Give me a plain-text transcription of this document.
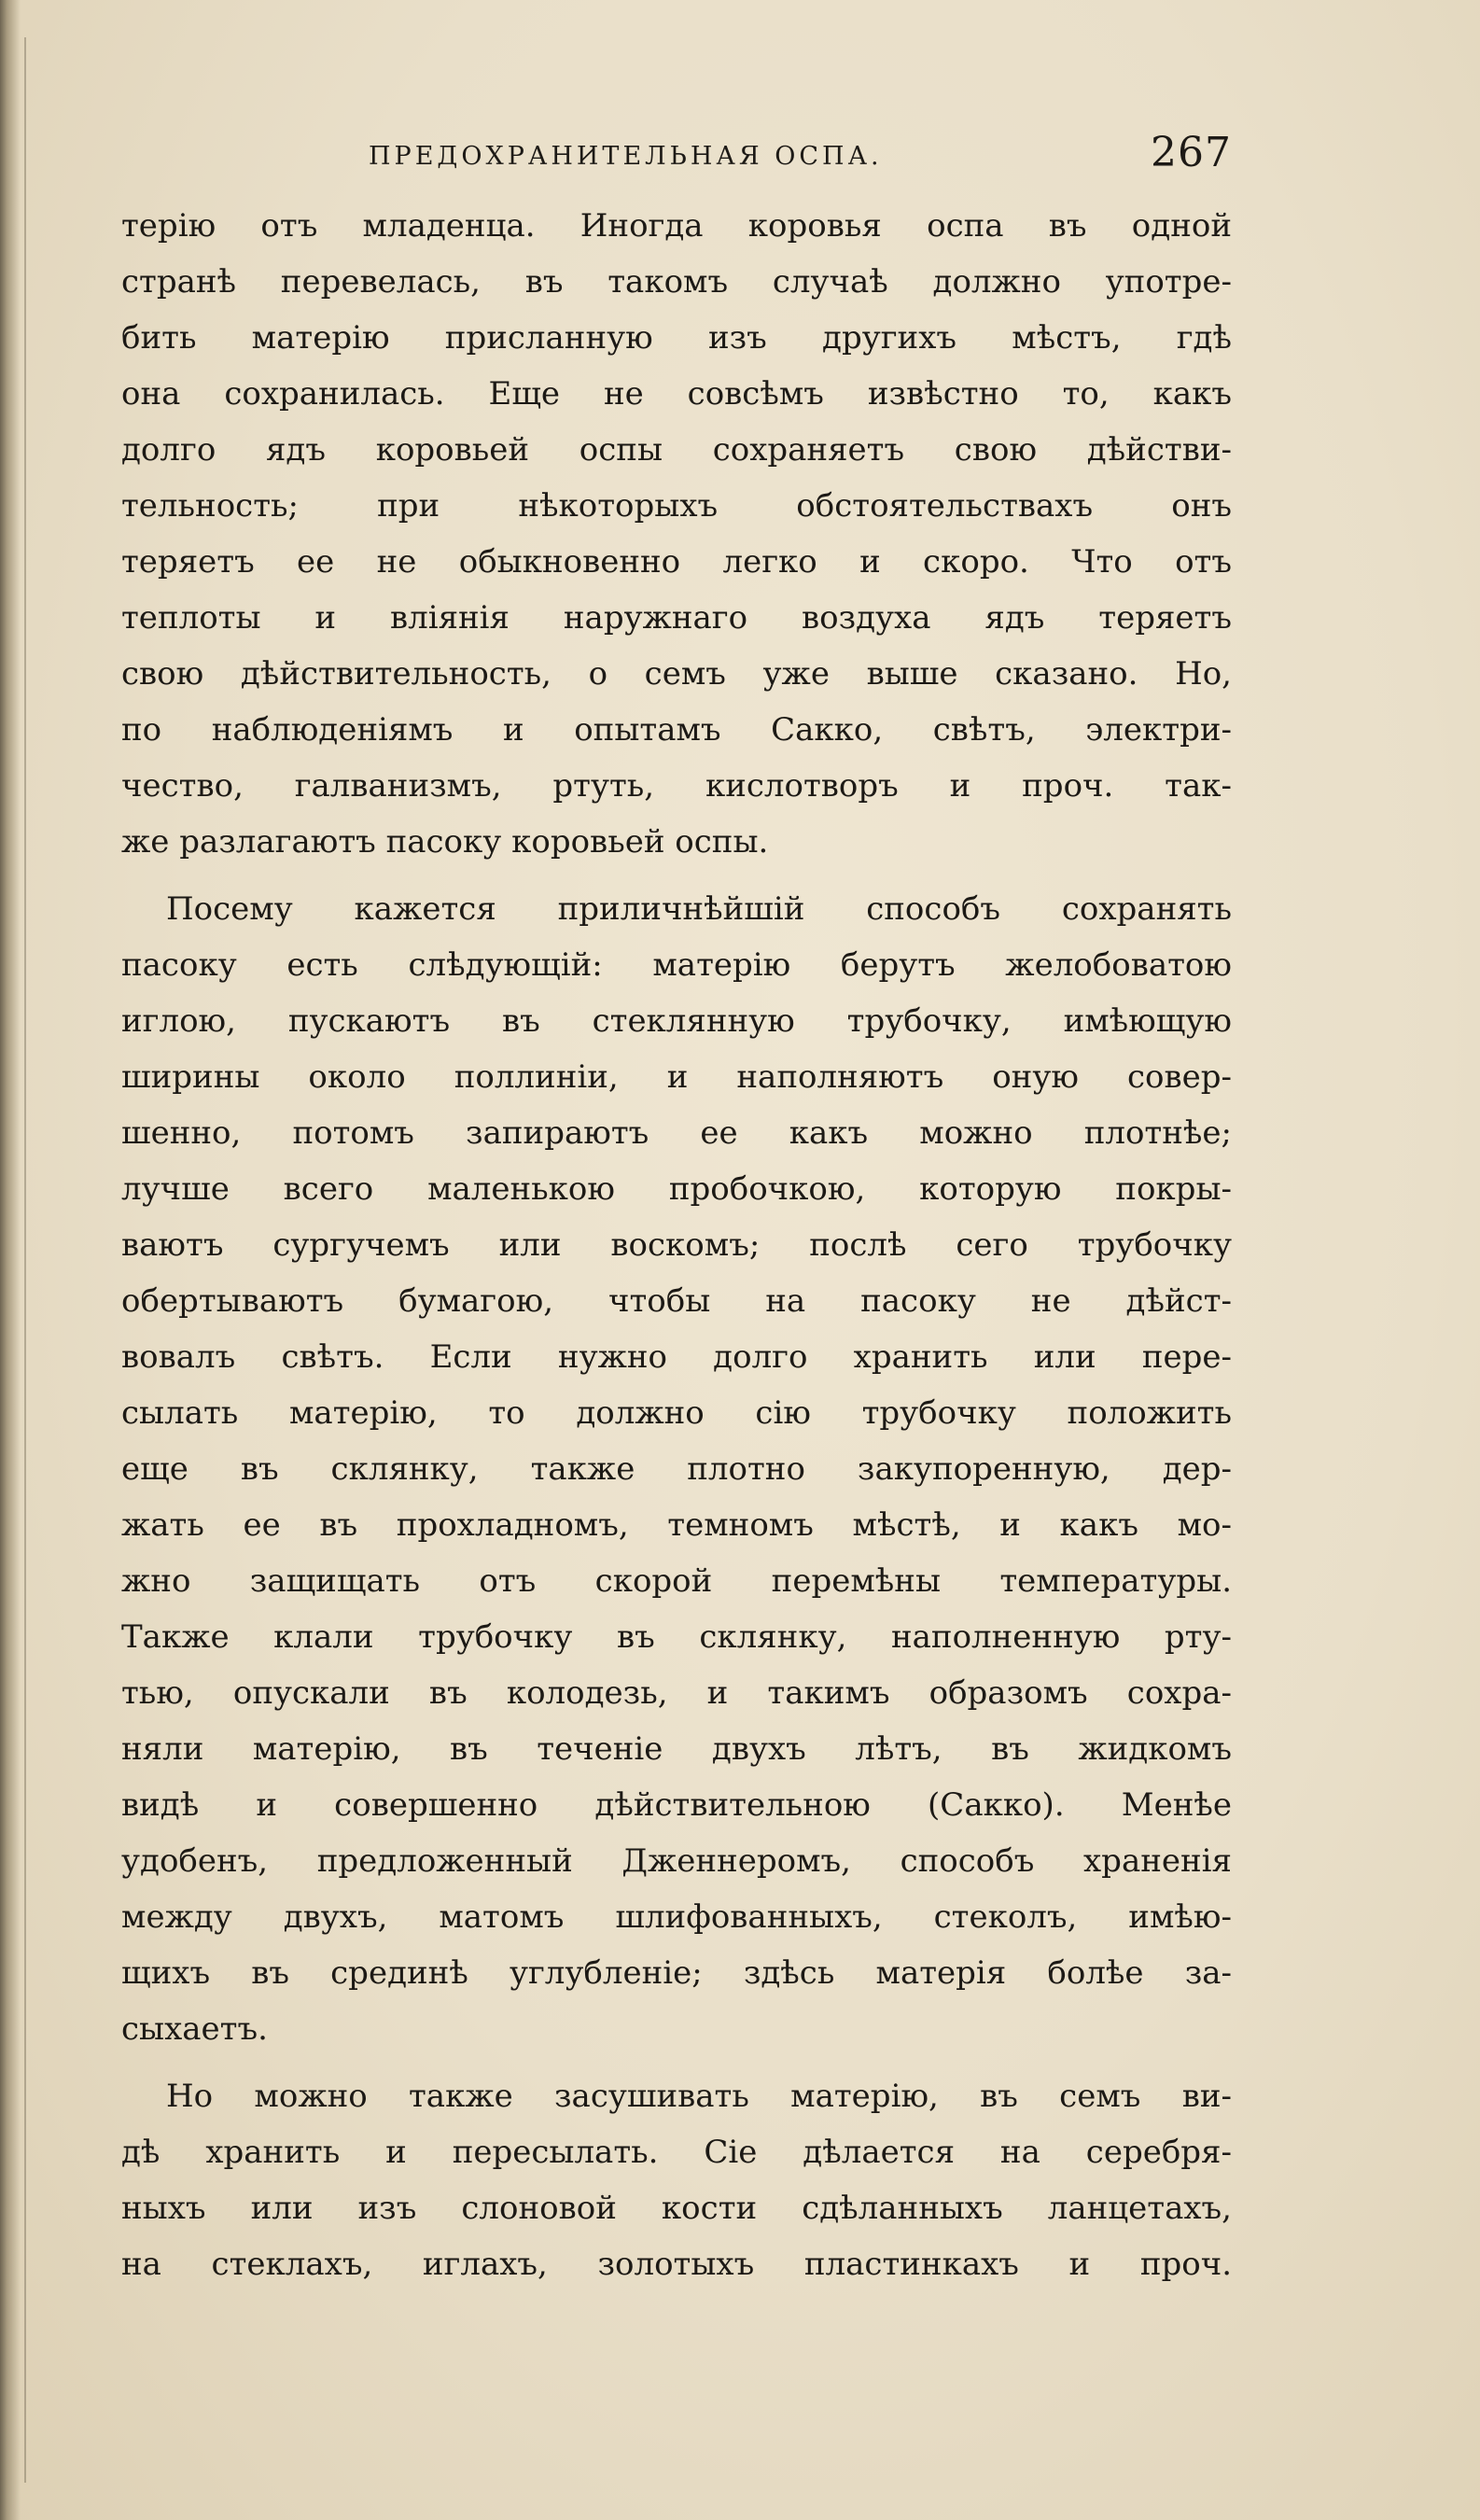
ПРЕДОХРАНИТЕЛЬНАЯ ОСПА.	267
терію отъ младенца. Иногда коровья оспа въ одной
странѣ перевелась, въ такомъ случаѣ должно употре-
бить матерію присланную изъ другихъ мѣстъ, гдѣ
она сохранилась. Еще не совсѣмъ извѣстно то, какъ
долго ядъ коровьей оспы сохраняетъ свою дѣйстви-
тельность; при нѣкоторыхъ обстоятельствахъ онъ
теряетъ ее не обыкновенно легко и скоро. Что отъ
теплоты и вліянія наружнаго воздуха ядъ теряетъ
свою дѣйствительность, о семъ уже выше сказано. Но,
по наблюденіямъ и опытамъ Сакко, свѣтъ, электри-
чество, галванизмъ, ртуть, кислотворъ и проч. так-
же разлагаютъ пасоку коровьей оспы.
Посему кажется приличнѣйшій способъ сохранять
пасоку есть слѣдующій: матерію берутъ желобоватою
иглою, пускаютъ въ стеклянную трубочку, имѣющую
ширины около поллиніи, и наполняютъ оную совер-
шенно, потомъ запираютъ ее какъ можно плотнѣе;
лучше всего маленькою пробочкою, которую покры-
ваютъ сургучемъ или воскомъ; послѣ сего трубочку
обертываютъ бумагою, чтобы на пасоку не дѣйст-
вовалъ свѣтъ. Если нужно долго хранить или пере-
сылать матерію, то должно сію трубочку положить
еще въ склянку, также плотно закупоренную, дер-
жать ее въ прохладномъ, темномъ мѣстѣ, и какъ мо-
жно защищать отъ скорой перемѣны температуры.
Также клали трубочку въ склянку, наполненную рту-
тью, опускали въ колодезь, и такимъ образомъ сохра-
няли матерію, въ теченіе двухъ лѣтъ, въ жидкомъ
видѣ и совершенно дѣйствительною (Сакко). Менѣе
удобенъ, предложенный Дженнеромъ, способъ храненія
между двухъ, матомъ шлифованныхъ, стеколъ, имѣю-
щихъ въ срединѣ углубленіе; здѣсь матерія болѣе за-
сыхаетъ.
Но можно также засушивать матерію, въ семъ ви-
дѣ хранить и пересылать. Сіе дѣлается на серебря-
ныхъ или изъ слоновой кости сдѣланныхъ ланцетахъ,
на стеклахъ, иглахъ, золотыхъ пластинкахъ и проч.
